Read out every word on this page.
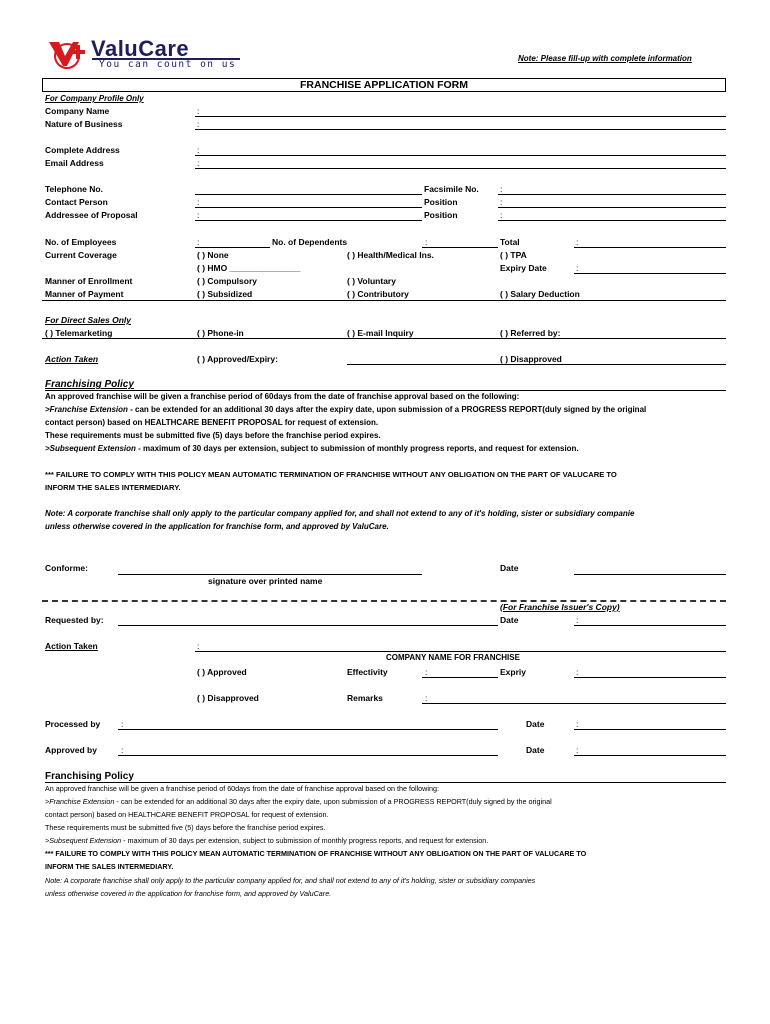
ValuCare
You can count on us
Note: Please fill-up with complete information
FRANCHISE APPLICATION FORM
For Company Profile Only
Company Name	:
Nature of Business	:
Complete Address	:
Email Address	:
Telephone No.	Facsimile No. :
Contact Person	:	Position	:
Addressee of Proposal	:	Position	:
No. of Employees	:	No. of Dependents	:	Total	:
Current Coverage	( ) None	( ) Health/Medical Ins.	( ) TPA
( ) HMO _______________	Expiry Date	:
Manner of Enrollment	( ) Compulsory	( ) Voluntary
Manner of Payment	( ) Subsidized	( ) Contributory	( ) Salary Deduction
For Direct Sales Only
( ) Telemarketing	( ) Phone-in	( ) E-mail Inquiry	( ) Referred by:
Action Taken	( ) Approved/Expiry:	( ) Disapproved
Franchising Policy
An approved franchise will be given a franchise period of 60days from the date of franchise approval based on the following:
>Franchise Extension - can be extended for an additional 30 days after the expiry date, upon submission of a PROGRESS REPORT(duly signed by the original
contact person) based on HEALTHCARE BENEFIT PROPOSAL for request of extension.
These requirements must be submitted five (5) days before the franchise period expires.
>Subsequent Extension - maximum of 30 days per extension, subject to submission of monthly progress reports, and request for extension.
*** FAILURE TO COMPLY WITH THIS POLICY MEAN AUTOMATIC TERMINATION OF FRANCHISE WITHOUT ANY OBLIGATION ON THE PART OF VALUCARE TO
INFORM THE SALES INTERMEDIARY.
Note: A corporate franchise shall only apply to the particular company applied for, and shall not extend to any of it's holding, sister or subsidiary companie
unless otherwise covered in the application for franchise form, and approved by ValuCare.
Conforme:	Date
signature over printed name
(For Franchise Issuer's Copy)
Requested by:	Date	:
Action Taken	:
COMPANY NAME FOR FRANCHISE
( ) Approved	Effectivity	:	Expriy	:
( ) Disapproved	Remarks	:
Processed by :	Date	:
Approved by	:	Date	:
Franchising Policy
An approved franchise will be given a franchise period of 60days from the date of franchise approval based on the following:
>Franchise Extension - can be extended for an additional 30 days after the expiry date, upon submission of a PROGRESS REPORT(duly signed by the original
contact person) based on HEALTHCARE BENEFIT PROPOSAL for request of extension.
These requirements must be submitted five (5) days before the franchise period expires.
>Subsequent Extension - maximum of 30 days per extension, subject to submission of monthly progress reports, and request for extension.
*** FAILURE TO COMPLY WITH THIS POLICY MEAN AUTOMATIC TERMINATION OF FRANCHISE WITHOUT ANY OBLIGATION ON THE PART OF VALUCARE TO
INFORM THE SALES INTERMEDIARY.
Note: A corporate franchise shall only apply to the particular company applied for, and shall not extend to any of it's holding, sister or subsidiary companies
unless otherwise covered in the application for franchise form, and approved by ValuCare.
